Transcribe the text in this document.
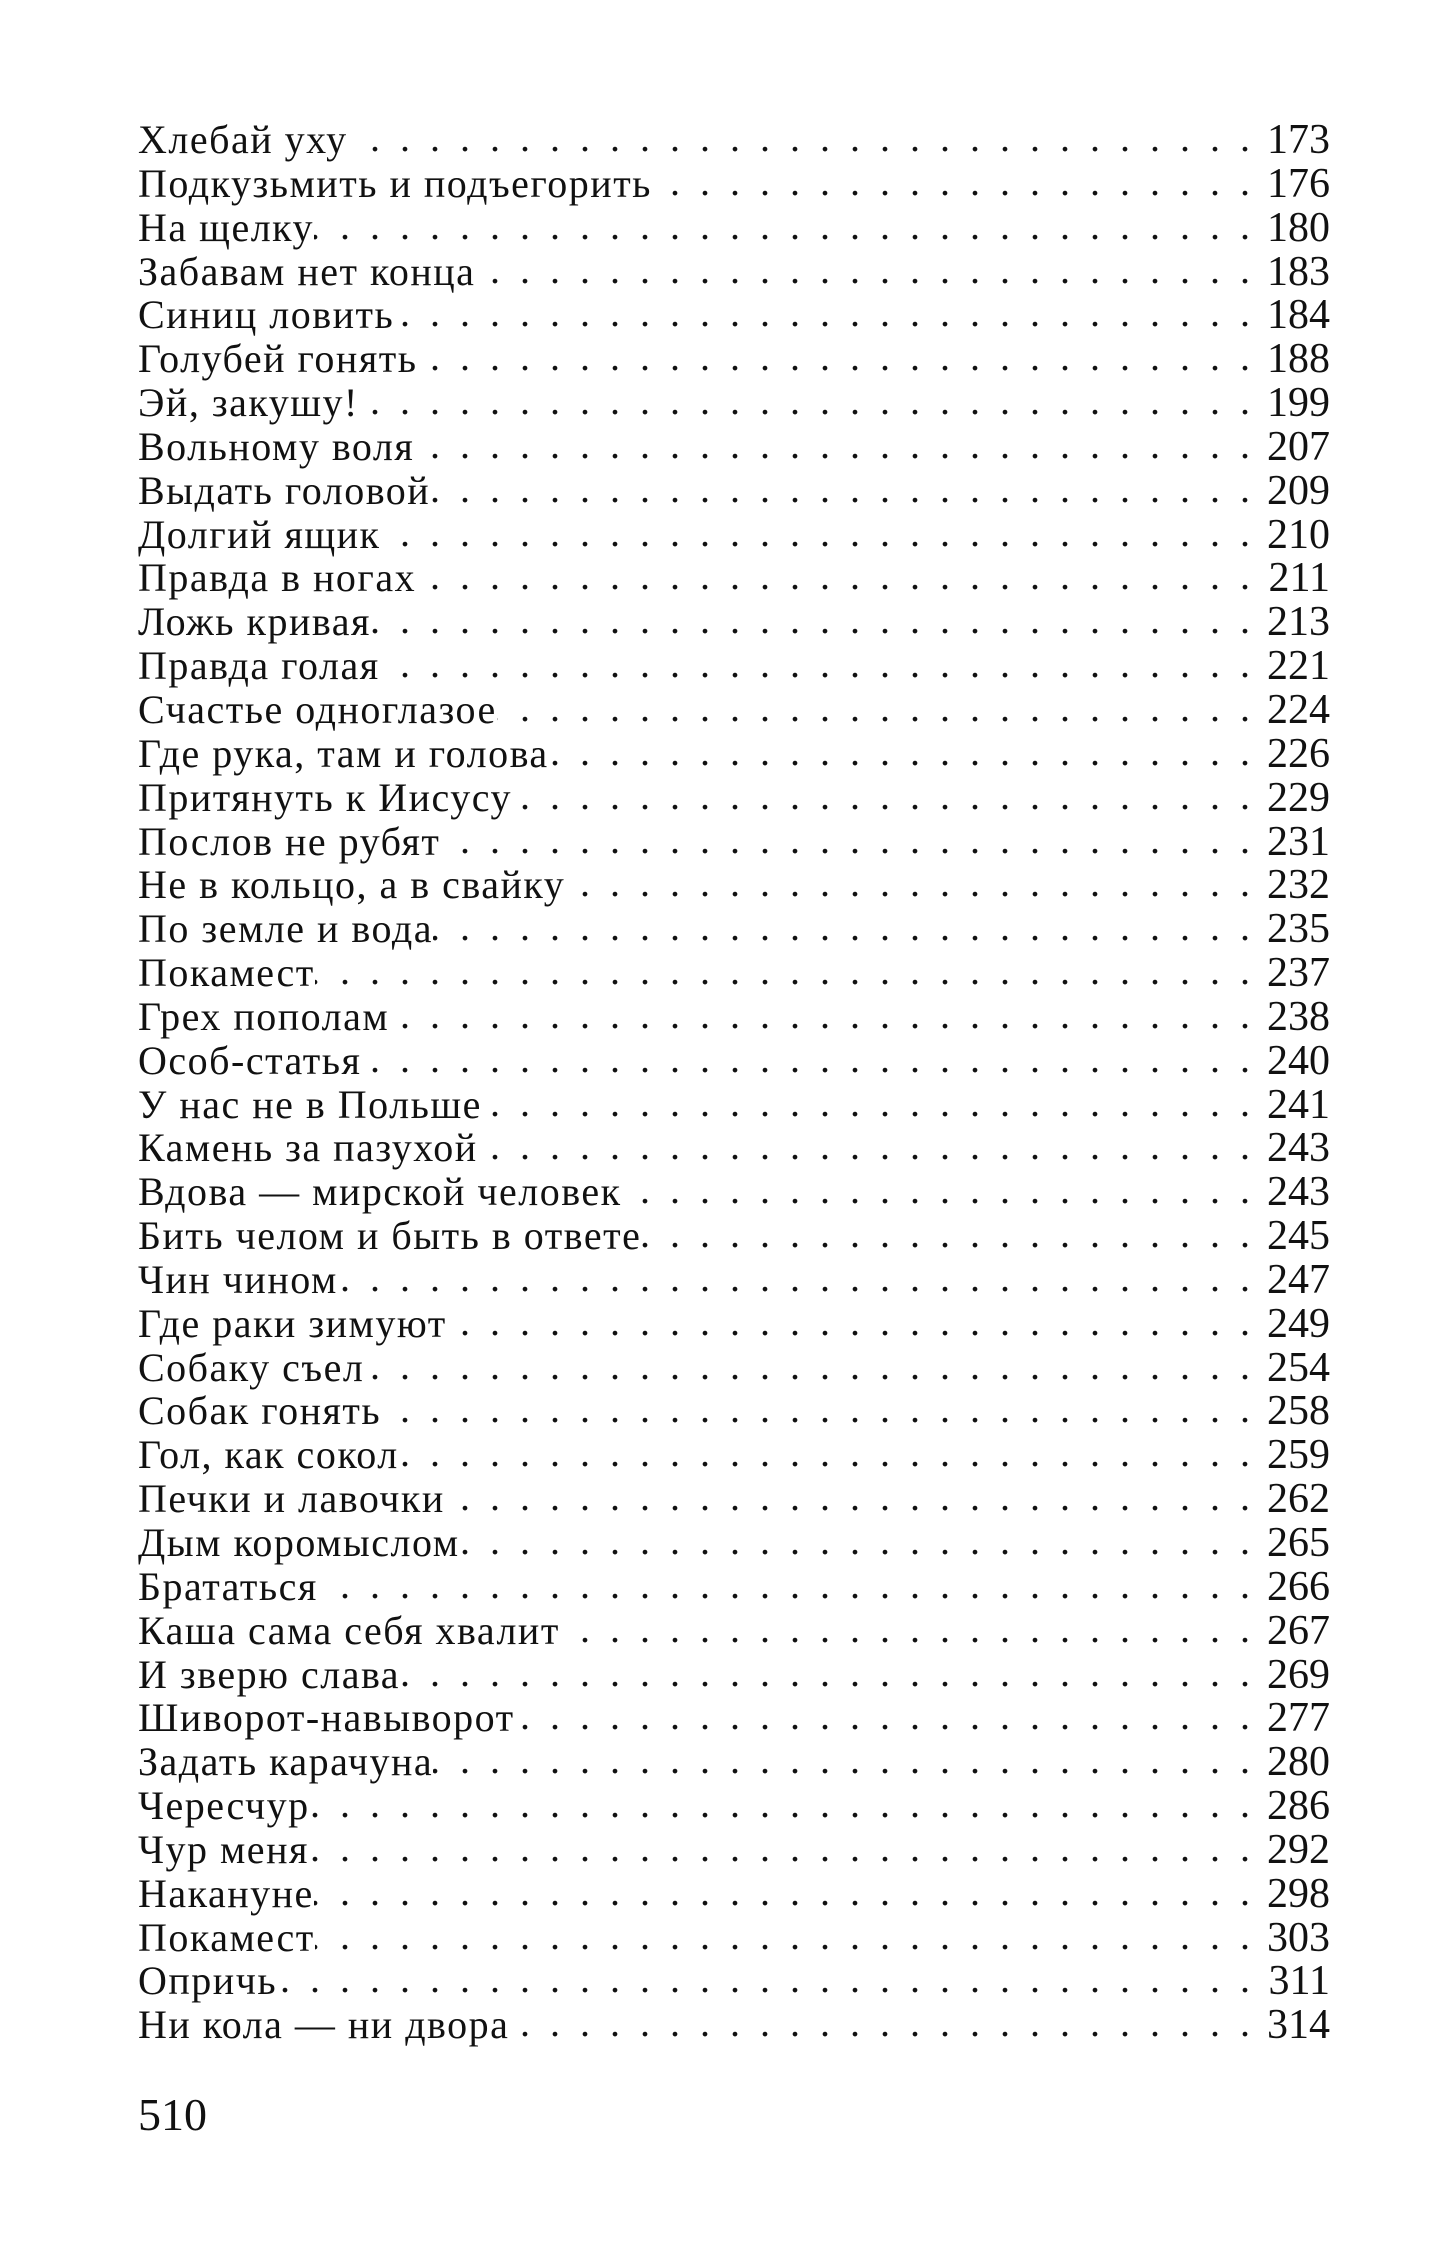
Хлебай уху . .	173
Подкузьмить и подъегорить . .	176
На щелку . .	180
Забавам нет конца . .	183
Синиц ловить . .	184
Голубей гонять . .	188
Эй, закушу! . .	199
Вольному воля . .	207
Выдать головой . .	209
Долгий ящик . .	210
Правда в ногах . .	211
Ложь кривая . .	213
Правда голая . .	221
Счастье одноглазое . .	224
Где рука, там и голова . .	226
Притянуть к Иисусу . .	229
Послов не рубят . .	231
Не в кольцо, а в свайку . .	232
По земле и вода . .	235
Покамест . .	237
Грех пополам . .	238
Особ-статья . .	240
У нас не в Польше . .	241
Камень за пазухой . .	243
Вдова — мирской человек . .	243
Бить челом и быть в ответе . .	245
Чин чином . .	247
Где раки зимуют . .	249
Собаку съел . .	254
Собак гонять . .	258
Гол, как сокол . .	259
Печки и лавочки . .	262
Дым коромыслом . .	265
Брататься . .	266
Каша сама себя хвалит . .	267
И зверю слава . .	269
Шиворот-навыворот . .	277
Задать карачуна . .	280
Чересчур . .	286
Чур меня . .	292
Накануне . .	298
Покамест . .	303
Опричь . .	311
Ни кола — ни двора . .	314
510
